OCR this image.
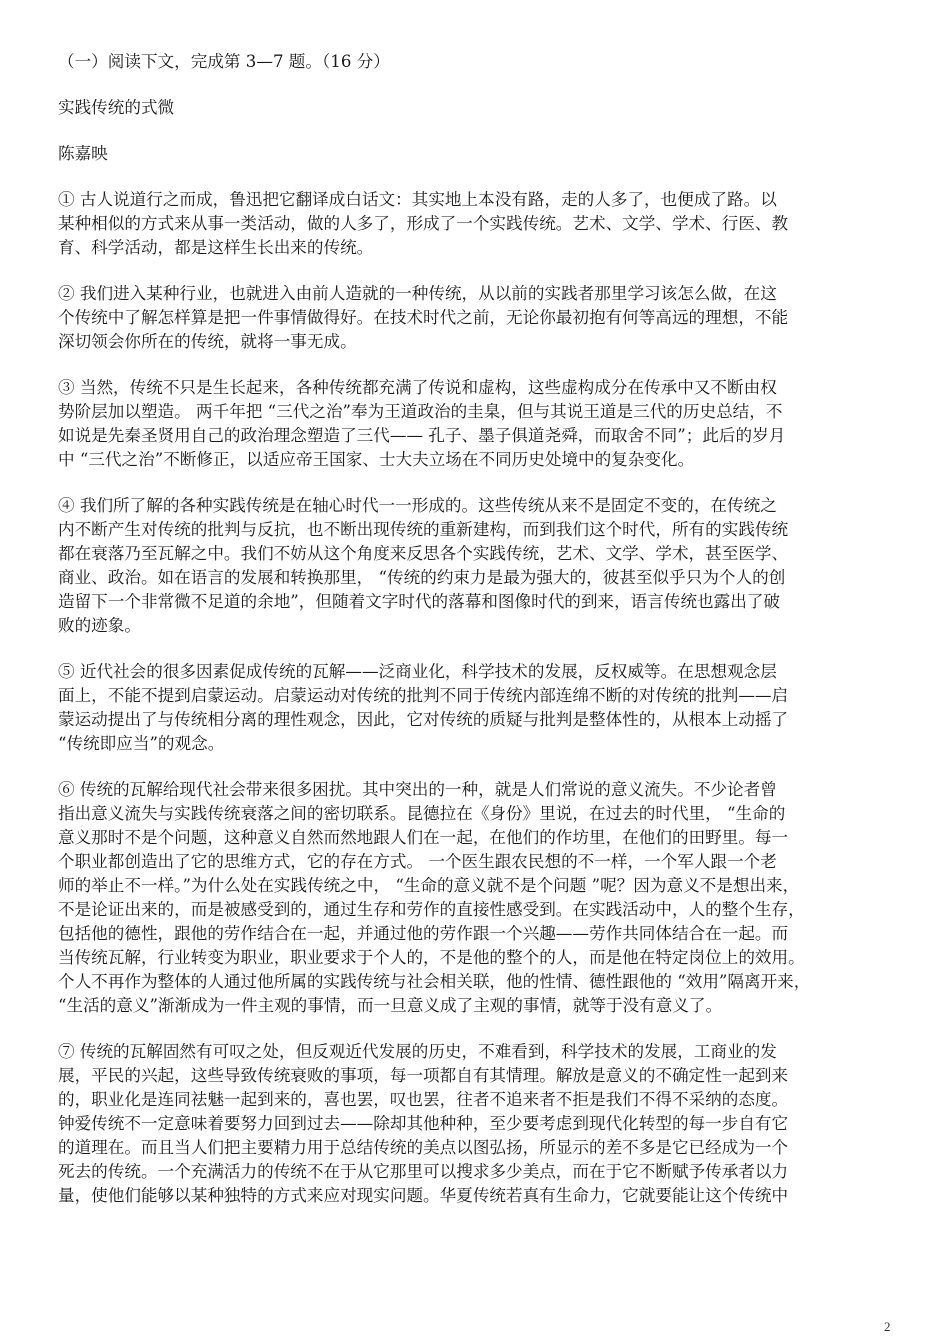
（一）阅读下文，完成第 3—7 题。（16 分）

实践传统的式微

陈嘉映

① 古人说道行之而成，鲁迅把它翻译成白话文：其实地上本没有路，走的人多了，也便成了路。以

某种相似的方式来从事一类活动，做的人多了，形成了一个实践传统。艺术、文学、学术、行医、教

育、科学活动，都是这样生长出来的传统。

② 我们进入某种行业，也就进入由前人造就的一种传统，从以前的实践者那里学习该怎么做，在这

个传统中了解怎样算是把一件事情做得好。在技术时代之前，无论你最初抱有何等高远的理想，不能

深切领会你所在的传统，就将一事无成。

③ 当然，传统不只是生长起来，各种传统都充满了传说和虚构，这些虚构成分在传承中又不断由权

势阶层加以塑造。 两千年把 “三代之治”奉为王道政治的圭臬，但与其说王道是三代的历史总结，不

如说是先秦圣贤用自己的政治理念塑造了三代—— 孔子、墨子俱道尧舜，而取舍不同”；此后的岁月

中 “三代之治”不断修正，以适应帝王国家、士大夫立场在不同历史处境中的复杂变化。

④ 我们所了解的各种实践传统是在轴心时代一一形成的。这些传统从来不是固定不变的，在传统之

内不断产生对传统的批判与反抗，也不断出现传统的重新建构，而到我们这个时代，所有的实践传统

都在衰落乃至瓦解之中。我们不妨从这个角度来反思各个实践传统，艺术、文学、学术，甚至医学、

商业、政治。如在语言的发展和转换那里， “传统的约束力是最为强大的，彼甚至似乎只为个人的创

造留下一个非常微不足道的余地”，但随着文字时代的落幕和图像时代的到来，语言传统也露出了破

败的迹象。

⑤ 近代社会的很多因素促成传统的瓦解——泛商业化，科学技术的发展，反权威等。在思想观念层

面上，不能不提到启蒙运动。启蒙运动对传统的批判不同于传统内部连绵不断的对传统的批判——启

蒙运动提出了与传统相分离的理性观念，因此，它对传统的质疑与批判是整体性的，从根本上动摇了

“传统即应当”的观念。

⑥ 传统的瓦解给现代社会带来很多困扰。其中突出的一种，就是人们常说的意义流失。不少论者曾

指出意义流失与实践传统衰落之间的密切联系。昆德拉在《身份》里说，在过去的时代里， “生命的

意义那时不是个问题，这种意义自然而然地跟人们在一起，在他们的作坊里，在他们的田野里。每一

个职业都创造出了它的思维方式，它的存在方式。 一个医生跟农民想的不一样，一个军人跟一个老

师的举止不一样。”为什么处在实践传统之中， “生命的意义就不是个问题 ”呢？因为意义不是想出来，

不是论证出来的，而是被感受到的，通过生存和劳作的直接性感受到。在实践活动中，人的整个生存，

包括他的德性，跟他的劳作结合在一起，并通过他的劳作跟一个兴趣——劳作共同体结合在一起。而

当传统瓦解，行业转变为职业，职业要求于个人的，不是他的整个的人，而是他在特定岗位上的效用。

个人不再作为整体的人通过他所属的实践传统与社会相关联，他的性情、德性跟他的 “效用”隔离开来，

“生活的意义”渐渐成为一件主观的事情，而一旦意义成了主观的事情，就等于没有意义了。

⑦ 传统的瓦解固然有可叹之处，但反观近代发展的历史，不难看到，科学技术的发展，工商业的发

展，平民的兴起，这些导致传统衰败的事项，每一项都自有其情理。解放是意义的不确定性一起到来

的，职业化是连同祛魅一起到来的，喜也罢，叹也罢，往者不追来者不拒是我们不得不采纳的态度。

钟爱传统不一定意味着要努力回到过去——除却其他种种，至少要考虑到现代化转型的每一步自有它

的道理在。而且当人们把主要精力用于总结传统的美点以图弘扬，所显示的差不多是它已经成为一个

死去的传统。一个充满活力的传统不在于从它那里可以搜求多少美点，而在于它不断赋予传承者以力

量，使他们能够以某种独特的方式来应对现实问题。华夏传统若真有生命力，它就要能让这个传统中

2
